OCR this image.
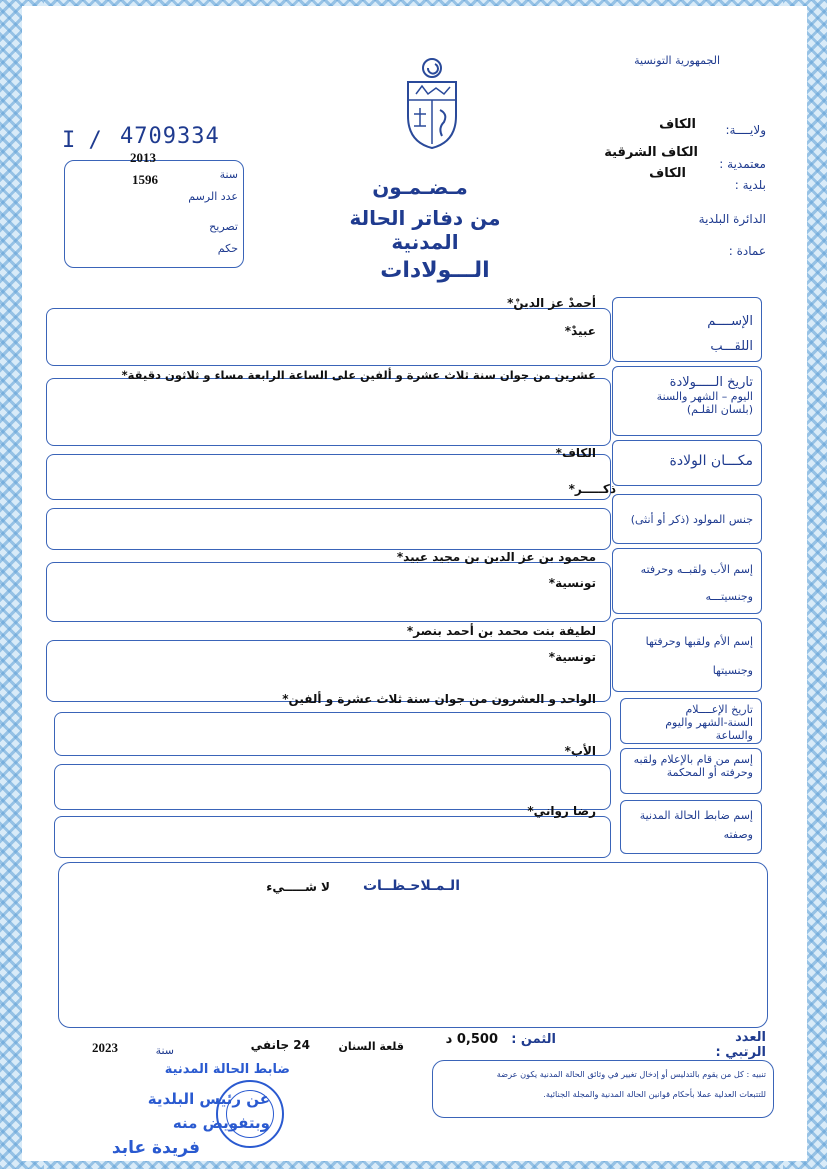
الجمهورية التونسية
ولايــــة:
الكاف
معتمدية :
الكاف الشرقية
بلدية :
الكاف
الدائرة البلدية
عمادة :
I / 4709334
2013
سنة
1596
عدد الرسم
تصريح
حكم
مـضـمـون
من دفاتر الحالة المدنية
الـــولادات
الإســــم
اللقـــب
أحمدْ عز الدينْ*
عبيدْ*
تاريخ الـــــولادة
اليوم – الشهر والسنة
(بلسان القلـم)
عشرين من جوان سنة ثلاث عشرة و ألفين على الساعة الرابعة مساء و ثلاثون دقيقة*
مكـــان الولادة
الكاف*
جنس المولود (ذكر أو أنثى)
ذكـــــر*
إسم الأب ولقبــه وحرفته
وجنسيتـــه
محمود بن عز الدين بن مجيد عبيد*
تونسية*
إسم الأم ولقبها وحرفتها
وجنسيتها
لطيفة بنت محمد بن أحمد بنصر*
تونسية*
تاريخ الإعــــلام
السنة-الشهر واليوم والساعة
الواحد و العشرون من جوان سنة ثلاث عشرة و ألفين*
إسم من قام بالإعلام ولقبه
وحرفته أو المحكمة
الأب*
إسم ضابط الحالة المدنية
وصفته
رضا رواني*
الـمـلاحـظــات
لا شـــــيء
العدد الرتبي :
الثمن :
0,500 د
قلعة السنان
24 جانفي
سنة
2023
تنبيه : كل من يقوم بالتدليس أو إدخال تغيير في وثائق الحالة المدنية يكون عرضة
للتتبعات العدلية عملا بأحكام قوانين الحالة المدنية والمجلة الجنائية.
ضابط الحالة المدنية
عن رئيس البلدية
وبتفويض منه
فريدة عابد
